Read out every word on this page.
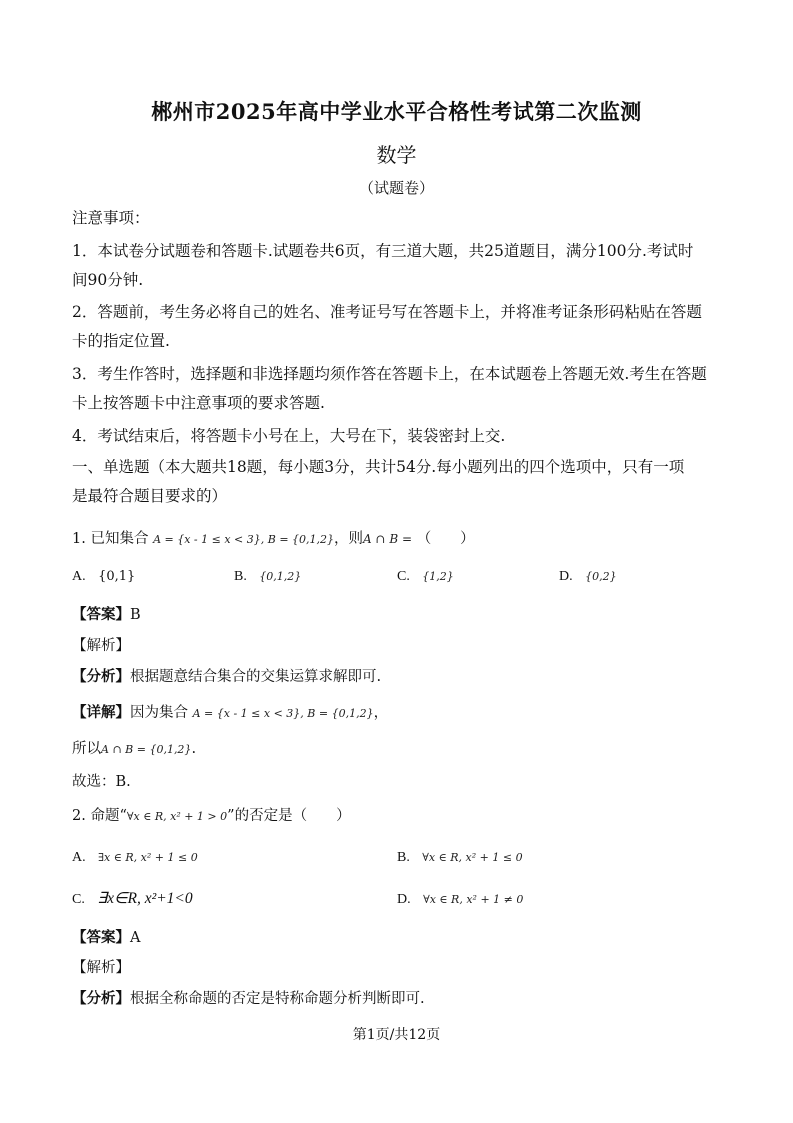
郴州市2025年高中学业水平合格性考试第二次监测
数学
（试题卷）
注意事项：
1．本试卷分试题卷和答题卡.试题卷共6页，有三道大题，共25道题目，满分100分.考试时
间90分钟.
2．答题前，考生务必将自己的姓名、准考证号写在答题卡上，并将准考证条形码粘贴在答题
卡的指定位置.
3．考生作答时，选择题和非选择题均须作答在答题卡上，在本试题卷上答题无效.考生在答题
卡上按答题卡中注意事项的要求答题.
4．考试结束后，将答题卡小号在上，大号在下，装袋密封上交.
一、单选题（本大题共18题，每小题3分，共计54分.每小题列出的四个选项中，只有一项
是最符合题目要求的）
1. 已知集合 A = {x - 1 ≤ x < 3}, B = {0,1,2}，则A ∩ B = （　　）
A. {0,1}	B. {0,1,2}	C. {1,2}	D. {0,2}
【答案】B
【解析】
【分析】根据题意结合集合的交集运算求解即可.
【详解】因为集合 A = {x - 1 ≤ x < 3}, B = {0,1,2}，
所以A ∩ B = {0,1,2}.
故选：B.
2. 命题“∀x ∈ R, x² + 1 > 0”的否定是（　　）
A. ∃x ∈ R, x² + 1 ≤ 0	B. ∀x ∈ R, x² + 1 ≤ 0
C. ∃x∈R, x²+1<0	D. ∀x ∈ R, x² + 1 ≠ 0
【答案】A
【解析】
【分析】根据全称命题的否定是特称命题分析判断即可.
第1页/共12页
